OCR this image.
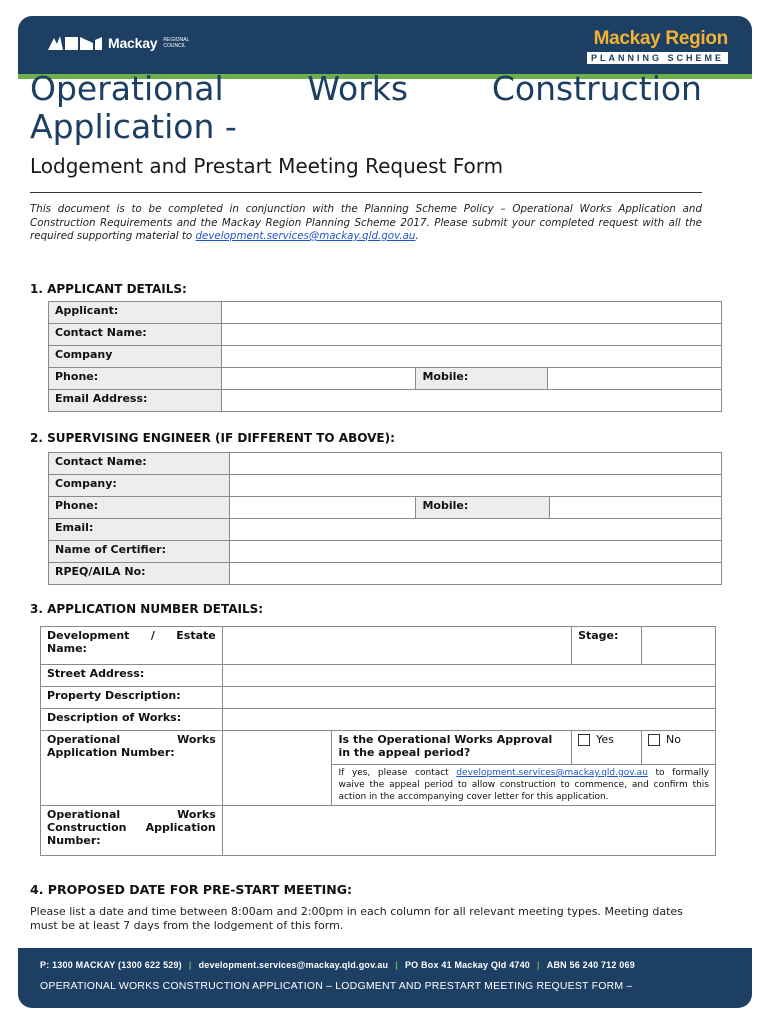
Mackay REGIONAL COUNCIL	Mackay Region
PLANNING SCHEME
Operational	Works	Construction
Application -
Lodgement and Prestart Meeting Request Form
This document is to be completed in conjunction with the Planning Scheme Policy – Operational Works Application and Construction Requirements and the Mackay Region Planning Scheme 2017. Please submit your completed request with all the required supporting material to development.services@mackay.qld.gov.au.
1. APPLICANT DETAILS:
Applicant:			
Contact Name:			
Company			
Phone:		Mobile:	
Email Address:			
2. SUPERVISING ENGINEER (IF DIFFERENT TO ABOVE):
Contact Name:			
Company:			
Phone:		Mobile:	
Email:			
Name of Certifier:			
RPEQ/AILA No:			
3. APPLICATION NUMBER DETAILS:
Development / Estate Name:			Stage:	
Street Address:				
Property Description:				
Description of Works:				
Operational Works Application Number:		Is the Operational Works Approval in the appeal period?	Yes	No

		If yes, please contact development.services@mackay.qld.gov.au to formally waive the appeal period to allow construction to commence, and confirm this action in the accompanying cover letter for this application.		
Operational Works Construction Application Number:				
4. PROPOSED DATE FOR PRE-START MEETING:
Please list a date and time between 8:00am and 2:00pm in each column for all relevant meeting types. Meeting dates must be at least 7 days from the lodgement of this form.
P: 1300 MACKAY (1300 622 529) | development.services@mackay.qld.gov.au | PO Box 41 Mackay Qld 4740 | ABN 56 240 712 069
OPERATIONAL WORKS CONSTRUCTION APPLICATION – LODGMENT AND PRESTART MEETING REQUEST FORM –
